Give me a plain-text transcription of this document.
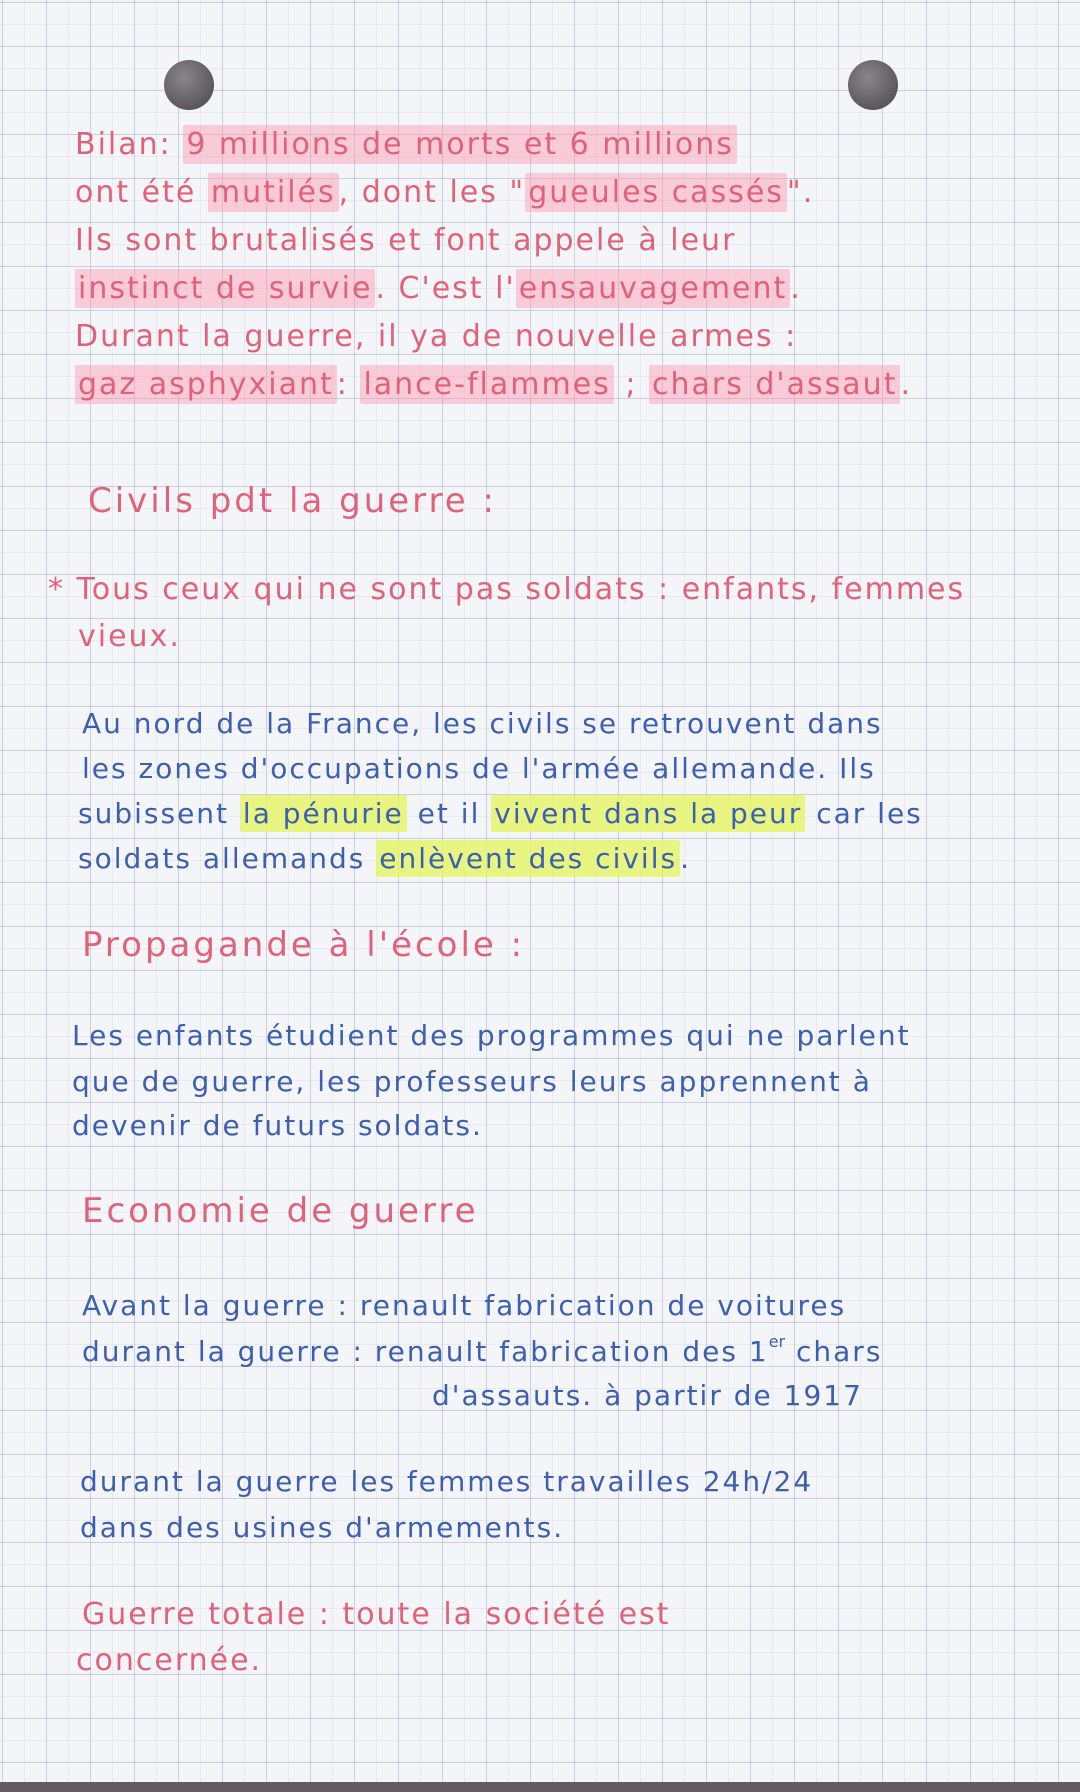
Bilan: 9 millions de morts et 6 millions
ont été mutilés , dont les " gueules cassés ".
Ils sont brutalisés et font appele à leur
instinct de survie . C'est l' ensauvagement .
Durant la guerre, il ya de nouvelle armes :
gaz asphyxiant : lance-flammes ; chars d'assaut .
Civils pdt la guerre :
* Tous ceux qui ne sont pas soldats : enfants, femmes
vieux.
Au nord de la France, les civils se retrouvent dans
les zones d'occupations de l'armée allemande. Ils
subissent la pénurie et il vivent dans la peur car les
soldats allemands enlèvent des civils .
Propagande à l'école :
Les enfants étudient des programmes qui ne parlent
que de guerre, les professeurs leurs apprennent à
devenir de futurs soldats.
Economie de guerre
Avant la guerre : renault fabrication de voitures
durant la guerre : renault fabrication des 1er chars
d'assauts. à partir de 1917
durant la guerre les femmes travailles 24h/24
dans des usines d'armements.
Guerre totale : toute la société est
concernée.
